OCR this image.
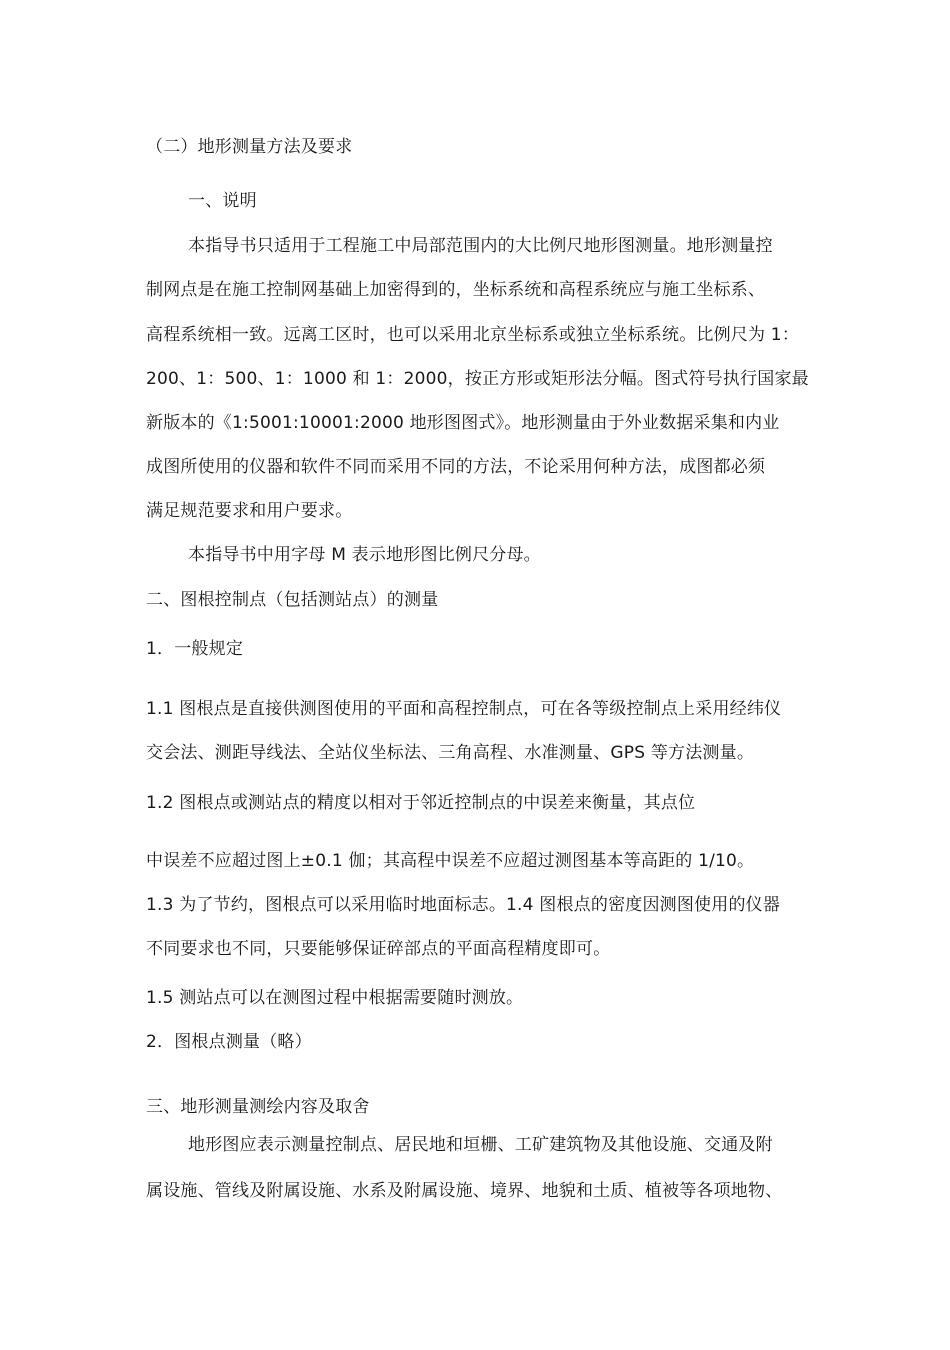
（二）地形测量方法及要求
一、说明
本指导书只适用于工程施工中局部范围内的大比例尺地形图测量。地形测量控
制网点是在施工控制网基础上加密得到的，坐标系统和高程系统应与施工坐标系、
高程系统相一致。远离工区时，也可以采用北京坐标系或独立坐标系统。比例尺为 1：
200、1：500、1：1000 和 1：2000，按正方形或矩形法分幅。图式符号执行国家最
新版本的《1:5001:10001:2000 地形图图式》。地形测量由于外业数据采集和内业
成图所使用的仪器和软件不同而采用不同的方法，不论采用何种方法，成图都必须
满足规范要求和用户要求。
本指导书中用字母 M 表示地形图比例尺分母。
二、图根控制点（包括测站点）的测量
1．一般规定
1.1 图根点是直接供测图使用的平面和高程控制点，可在各等级控制点上采用经纬仪
交会法、测距导线法、全站仪坐标法、三角高程、水准测量、GPS 等方法测量。
1.2 图根点或测站点的精度以相对于邻近控制点的中误差来衡量，其点位
中误差不应超过图上±0.1 伽；其高程中误差不应超过测图基本等高距的 1/10。
1.3 为了节约，图根点可以采用临时地面标志。1.4 图根点的密度因测图使用的仪器
不同要求也不同，只要能够保证碎部点的平面高程精度即可。
1.5 测站点可以在测图过程中根据需要随时测放。
2．图根点测量（略）
三、地形测量测绘内容及取舍
地形图应表示测量控制点、居民地和垣栅、工矿建筑物及其他设施、交通及附
属设施、管线及附属设施、水系及附属设施、境界、地貌和土质、植被等各项地物、
